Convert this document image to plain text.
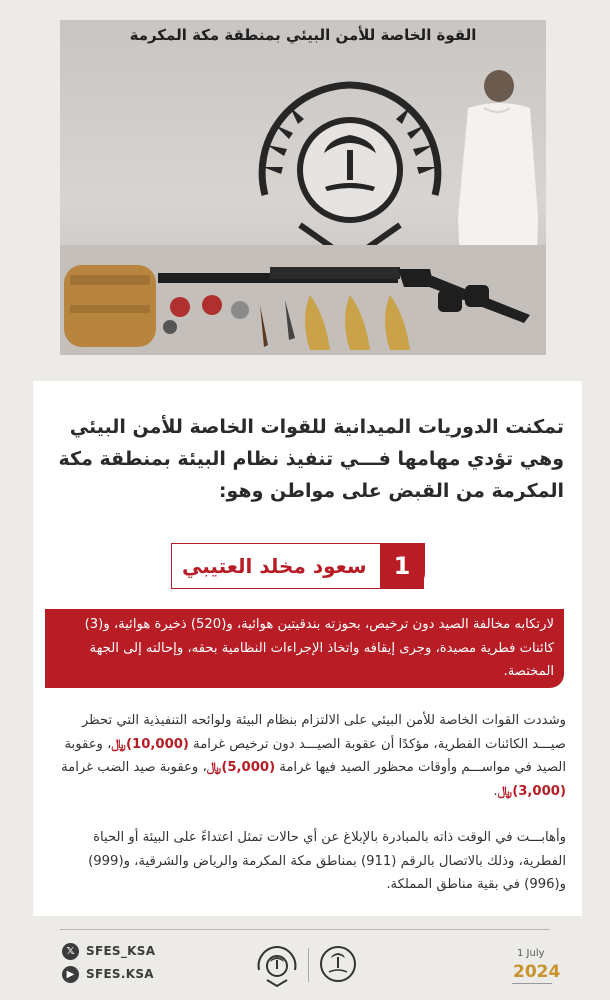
القوة الخاصة للأمن البيئي بمنطقة مكة المكرمة
تمكنت الدوريات الميدانية للقوات الخاصة للأمن البيئي وهي تؤدي مهامها فـــي تنفيذ نظام البيئة بمنطقة مكة المكرمة من القبض على مواطن وهو:
1
سعود مخلد العتيبي

لارتكابه مخالفة الصيد دون ترخيص، بحوزته بندقيتين هوائية، و(520) ذخيرة هوائية، و(3) كائنات فطرية مصيدة، وجرى إيقافه واتخاذ الإجراءات النظامية بحقه، وإحالته إلى الجهة المختصة.

وشددت القوات الخاصة للأمن البيئي على الالتزام بنظام البيئة ولوائحه التنفيذية التي تحظر صيـــد الكائنات الفطرية، مؤكدًا أن عقوبة الصيـــد دون ترخيص غرامة (10,000)﷼، وعقوبة الصيد في مواســـم وأوقات محظور الصيد فيها غرامة (5,000)﷼، وعقوبة صيد الضب غرامة (3,000)﷼.
وأهابـــت في الوقت ذاته بالمبادرة بالإبلاغ عن أي حالات تمثل اعتداءً على البيئة أو الحياة الفطرية، وذلك بالاتصال بالرقم (911) بمناطق مكة المكرمة والرياض والشرقية، و(999) و(996) في بقية مناطق المملكة.
𝕏 SFES_KSA
▶ SFES.KSA
1 July
2024
